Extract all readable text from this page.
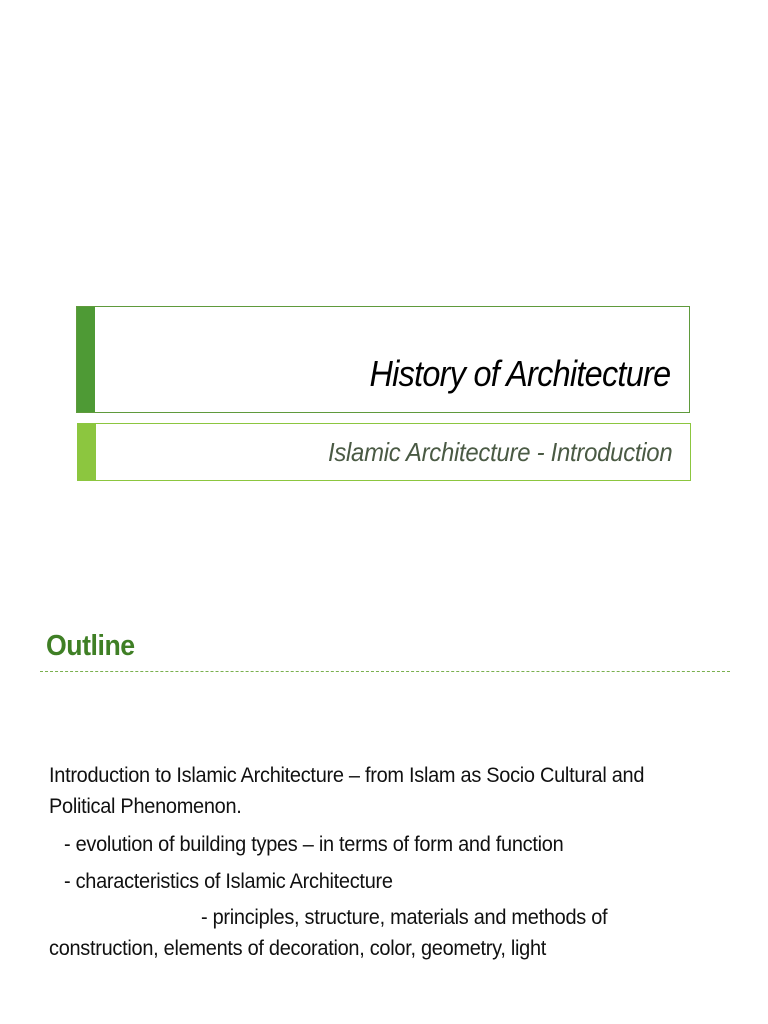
History of Architecture
Islamic Architecture - Introduction
Outline
Introduction to Islamic Architecture – from Islam as Socio Cultural and
Political Phenomenon.
- evolution of building types – in terms of form and function
- characteristics of Islamic Architecture
- principles, structure, materials and methods of
construction, elements of decoration, color, geometry, light
